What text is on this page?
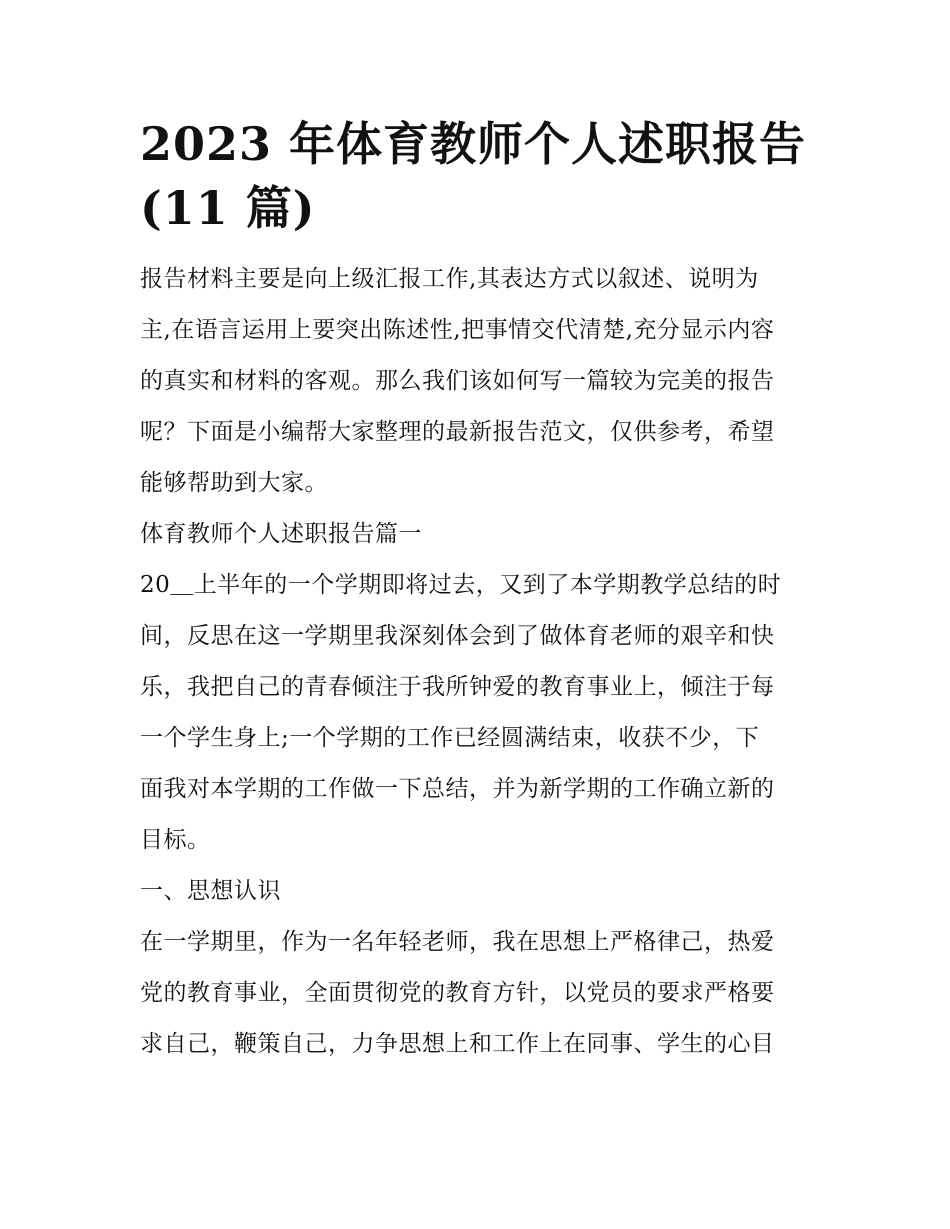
2023 年体育教师个人述职报告
(11 篇)
报告材料主要是向上级汇报工作,其表达方式以叙述、说明为
主,在语言运用上要突出陈述性,把事情交代清楚,充分显示内容
的真实和材料的客观。那么我们该如何写一篇较为完美的报告
呢？下面是小编帮大家整理的最新报告范文，仅供参考，希望
能够帮助到大家。
体育教师个人述职报告篇一
20＿上半年的一个学期即将过去，又到了本学期教学总结的时
间，反思在这一学期里我深刻体会到了做体育老师的艰辛和快
乐，我把自己的青春倾注于我所钟爱的教育事业上，倾注于每
一个学生身上;一个学期的工作已经圆满结束，收获不少，下
面我对本学期的工作做一下总结，并为新学期的工作确立新的
目标。
一、思想认识
在一学期里，作为一名年轻老师，我在思想上严格律己，热爱
党的教育事业，全面贯彻党的教育方针，以党员的要求严格要
求自己，鞭策自己，力争思想上和工作上在同事、学生的心目
